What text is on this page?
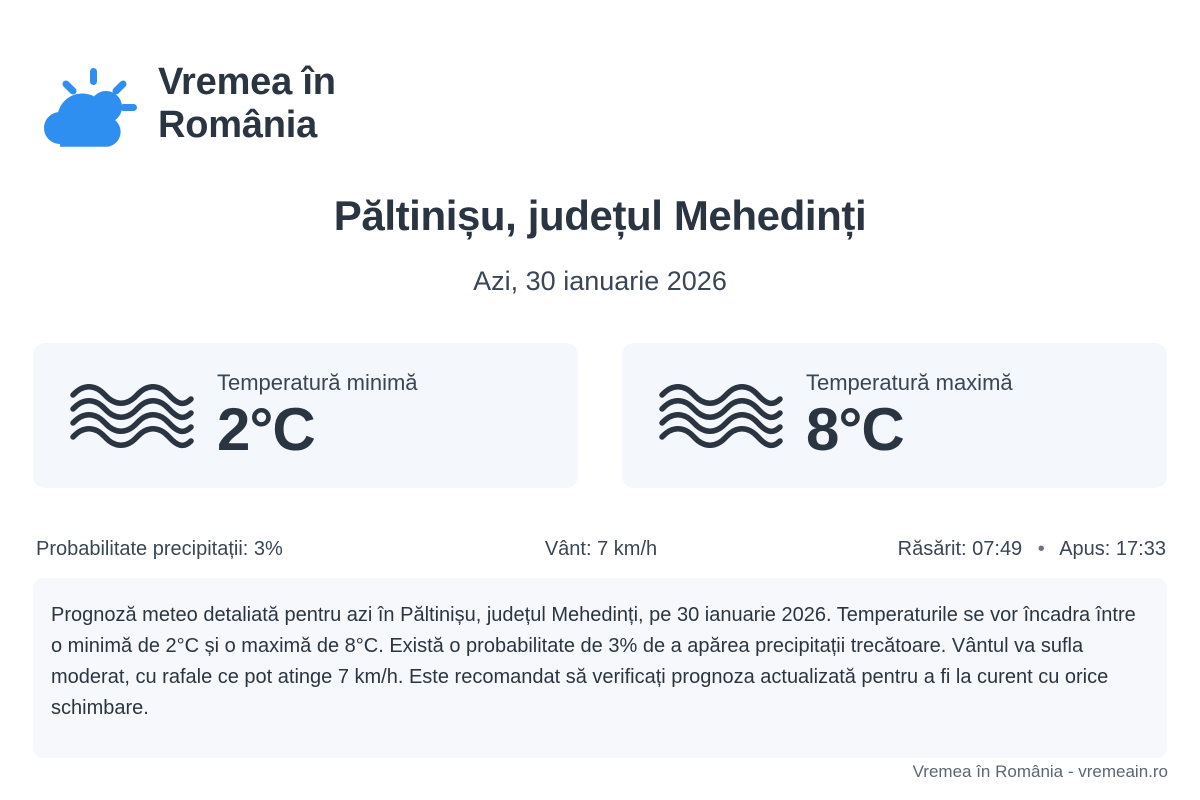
Vremea în România
Păltinișu, județul Mehedinți
Azi, 30 ianuarie 2026
Temperatură minimă
2°C
Temperatură maximă
8°C
Probabilitate precipitații: 3%	Vânt: 7 km/h	Răsărit: 07:49 • Apus: 17:33

Prognoză meteo detaliată pentru azi în Păltinișu, județul Mehedinți, pe 30 ianuarie 2026. Temperaturile se vor încadra între o minimă de 2°C și o maximă de 8°C. Există o probabilitate de 3% de a apărea precipitații trecătoare. Vântul va sufla moderat, cu rafale ce pot atinge 7 km/h. Este recomandat să verificați prognoza actualizată pentru a fi la curent cu orice schimbare.

Vremea în România - vremeain.ro
